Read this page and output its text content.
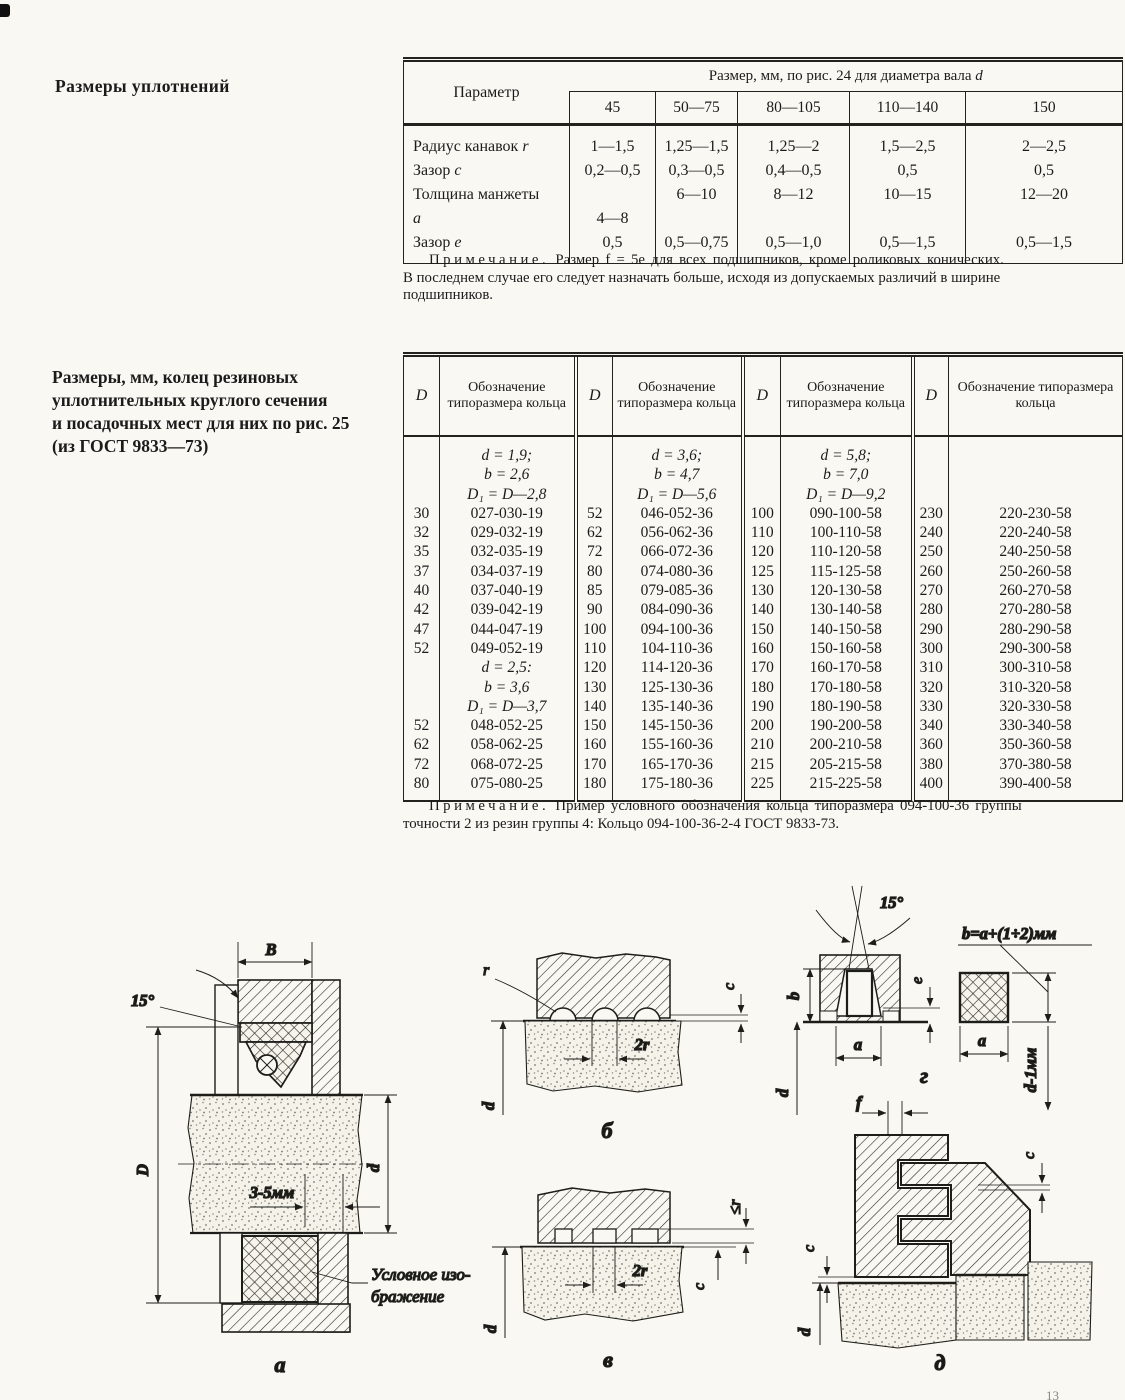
Размеры уплотнений
Размеры, мм, колец резиновых
уплотнительных круглого сечения
и посадочных мест для них по рис. 25
(из ГОСТ 9833—73)
Параметр	Размер, мм, по рис. 24 для диаметра вала d				
	45	50—75	80—105	110—140	150
Радиус канавок r	1—1,5	1,25—1,5	1,25—2	1,5—2,5	2—2,5
Зазор c	0,2—0,5	0,3—0,5	0,4—0,5	0,5	0,5
Толщина манжеты		6—10	8—12	10—15	12—20
a	4—8				
Зазор e	0,5	0,5—0,75	0,5—1,0	0,5—1,5	0,5—1,5
Примечание. Размер f = 5e для всех подшипников, кроме роликовых конических.
В последнем случае его следует назначать больше, исходя из допускаемых различий в ширине
подшипников.
D	Обозначение типоразмера кольца	D	Обозначение типоразмера кольца	D	Обозначение типоразмера кольца	D	Обозначение типоразмера кольца
	d = 1,9;		d = 3,6;		d = 5,8;		
	b = 2,6		b = 4,7		b = 7,0		
	D₁ = D—2,8		D₁ = D—5,6		D₁ = D—9,2		
30	027-030-19	52	046-052-36	100	090-100-58	230	220-230-58
32	029-032-19	62	056-062-36	110	100-110-58	240	220-240-58
35	032-035-19	72	066-072-36	120	110-120-58	250	240-250-58
37	034-037-19	80	074-080-36	125	115-125-58	260	250-260-58
40	037-040-19	85	079-085-36	130	120-130-58	270	260-270-58
42	039-042-19	90	084-090-36	140	130-140-58	280	270-280-58
47	044-047-19	100	094-100-36	150	140-150-58	290	280-290-58
52	049-052-19	110	104-110-36	160	150-160-58	300	290-300-58
	d = 2,5:	120	114-120-36	170	160-170-58	310	300-310-58
	b = 3,6	130	125-130-36	180	170-180-58	320	310-320-58
	D₁ = D—3,7	140	135-140-36	190	180-190-58	330	320-330-58
52	048-052-25	150	145-150-36	200	190-200-58	340	330-340-58
62	058-062-25	160	155-160-36	210	200-210-58	360	350-360-58
72	068-072-25	170	165-170-36	215	205-215-58	380	370-380-58
80	075-080-25	180	175-180-36	225	215-225-58	400	390-400-58
Примечание. Пример условного обозначения кольца типоразмера 094-100-36 группы
точности 2 из резин группы 4: Кольцо 094-100-36-2-4 ГОСТ 9833-73.
B
15°
D	d
3-5мм
Условное изо-
бражение
а
r
c
2r
d
б
≤r
c
2r
d
в
15°
b
e
a
d
г
b=a+(1÷2)мм
a
d-1мм
f
c
c
d
д
13
